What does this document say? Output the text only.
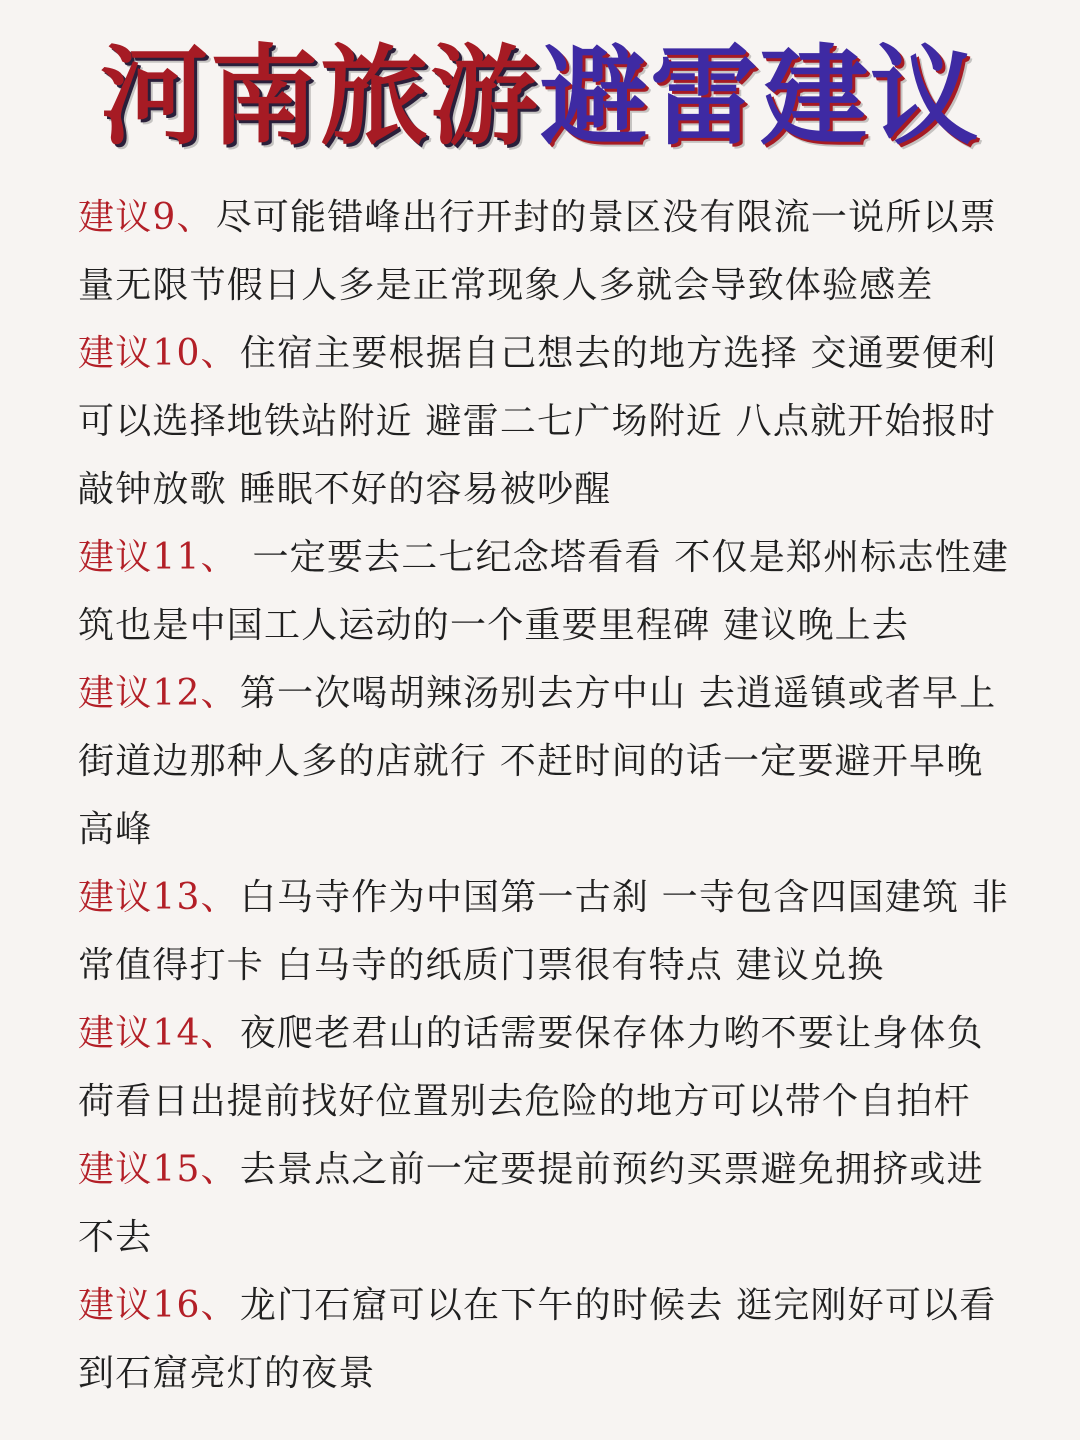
河南旅游避雷建议

建议9、尽可能错峰出行开封的景区没有限流一说所以票量无限节假日人多是正常现象人多就会导致体验感差

建议10、住宿主要根据自己想去的地方选择 交通要便利可以选择地铁站附近 避雷二七广场附近 八点就开始报时敲钟放歌 睡眠不好的容易被吵醒

建议11、 一定要去二七纪念塔看看 不仅是郑州标志性建筑也是中国工人运动的一个重要里程碑 建议晚上去

建议12、第一次喝胡辣汤别去方中山 去逍遥镇或者早上街道边那种人多的店就行 不赶时间的话一定要避开早晚高峰

建议13、白马寺作为中国第一古刹 一寺包含四国建筑 非常值得打卡 白马寺的纸质门票很有特点 建议兑换

建议14、夜爬老君山的话需要保存体力哟不要让身体负荷看日出提前找好位置别去危险的地方可以带个自拍杆

建议15、去景点之前一定要提前预约买票避免拥挤或进不去

建议16、龙门石窟可以在下午的时候去 逛完刚好可以看到石窟亮灯的夜景
